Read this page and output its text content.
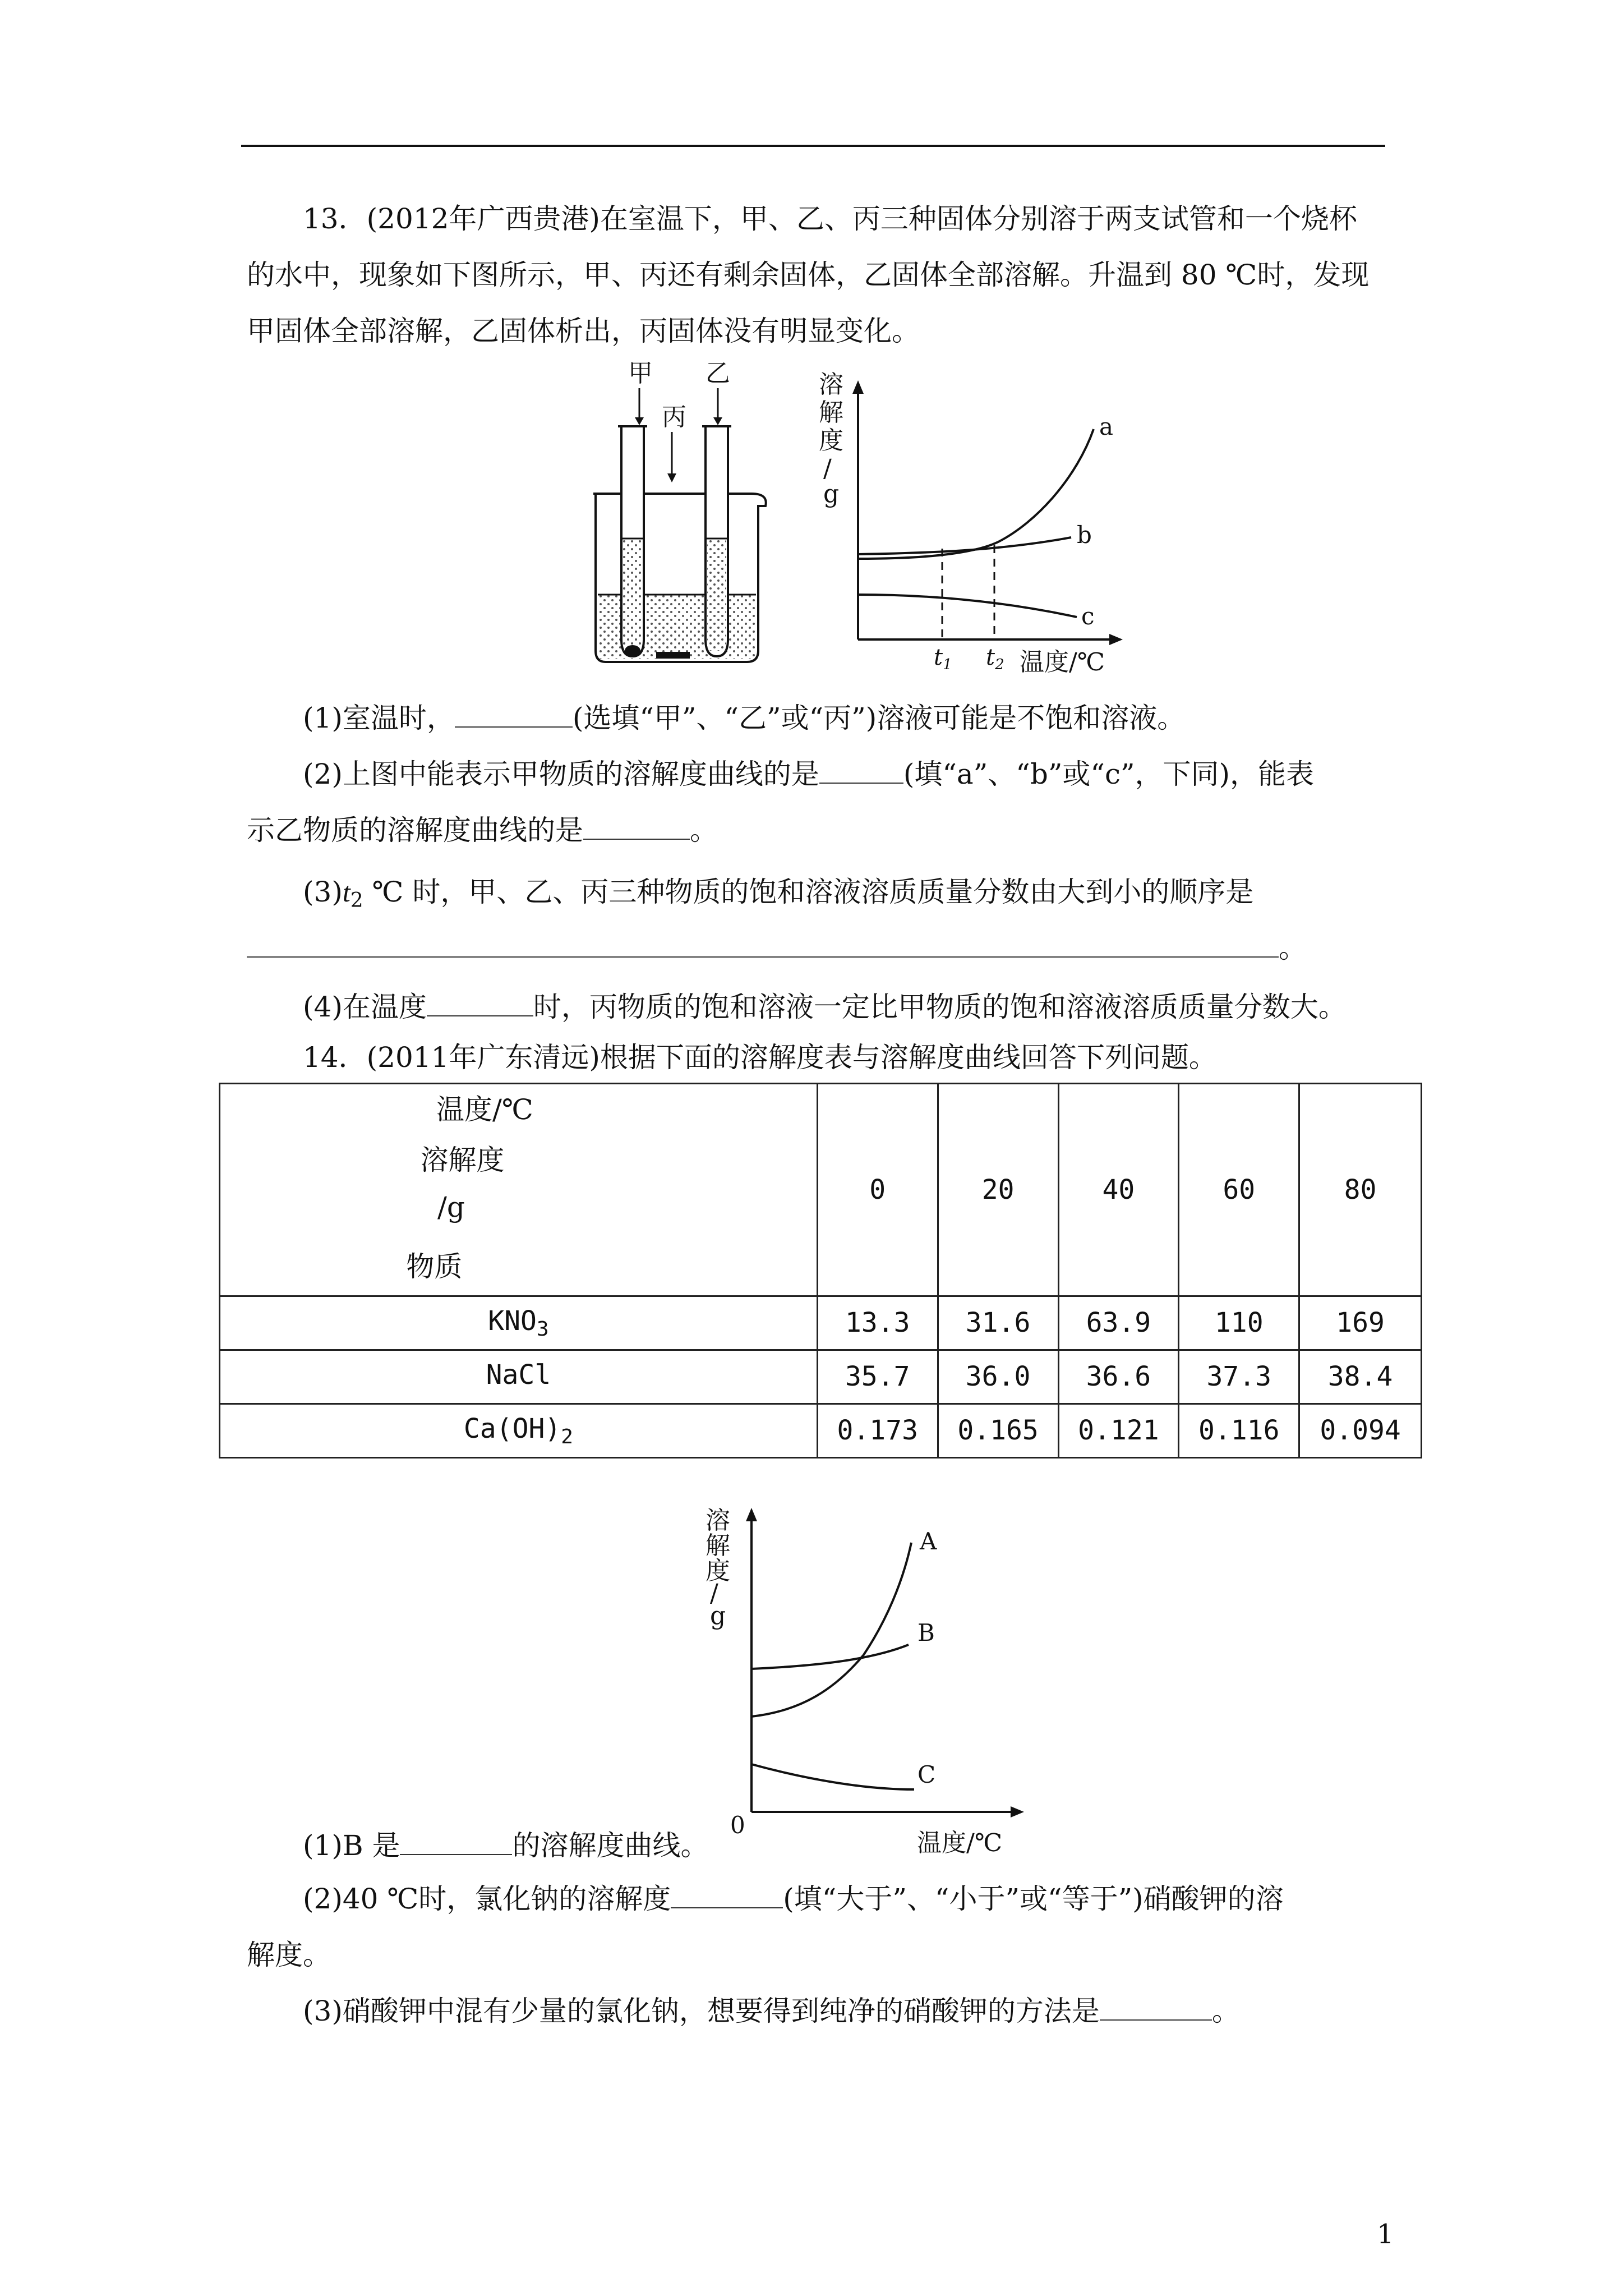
13．(2012年广西贵港)在室温下，甲、乙、丙三种固体分别溶于两支试管和一个烧杯
的水中，现象如下图所示，甲、丙还有剩余固体，乙固体全部溶解。升温到 80 ℃时，发现
甲固体全部溶解，乙固体析出，丙固体没有明显变化。
甲 乙
丙
溶
解
度
/
g
a
b
c
$t_1$ $t_2$ 温度/℃
(1)室温时，	(选填“甲”、“乙”或“丙”)溶液可能是不饱和溶液。
(2)上图中能表示甲物质的溶解度曲线的是	(填“a”、“b”或“c”，下同)，能表
示乙物质的溶解度曲线的是	。
$(3)t_2$ ℃ 时，甲、乙、丙三种物质的饱和溶液溶质质量分数由大到小的顺序是
。
(4)在温度	时，丙物质的饱和溶液一定比甲物质的饱和溶液溶质质量分数大。
14．(2011年广东清远)根据下面的溶解度表与溶解度曲线回答下列问题。
温度/℃
溶解度
/g
物质	0	20	40	60	80
$KNO_3$	13.3	31.6	63.9	110	169
NaCl	35.7	36.0	36.6	37.3	38.4
$Ca(OH)_2$	0.173	0.165	0.121	0.116	0.094
溶
解
度
/
g
A
B
C
0
温度/℃
(1)B 是	的溶解度曲线。
(2)40 ℃时，氯化钠的溶解度	(填“大于”、“小于”或“等于”)硝酸钾的溶
解度。
(3)硝酸钾中混有少量的氯化钠，想要得到纯净的硝酸钾的方法是	。
1
